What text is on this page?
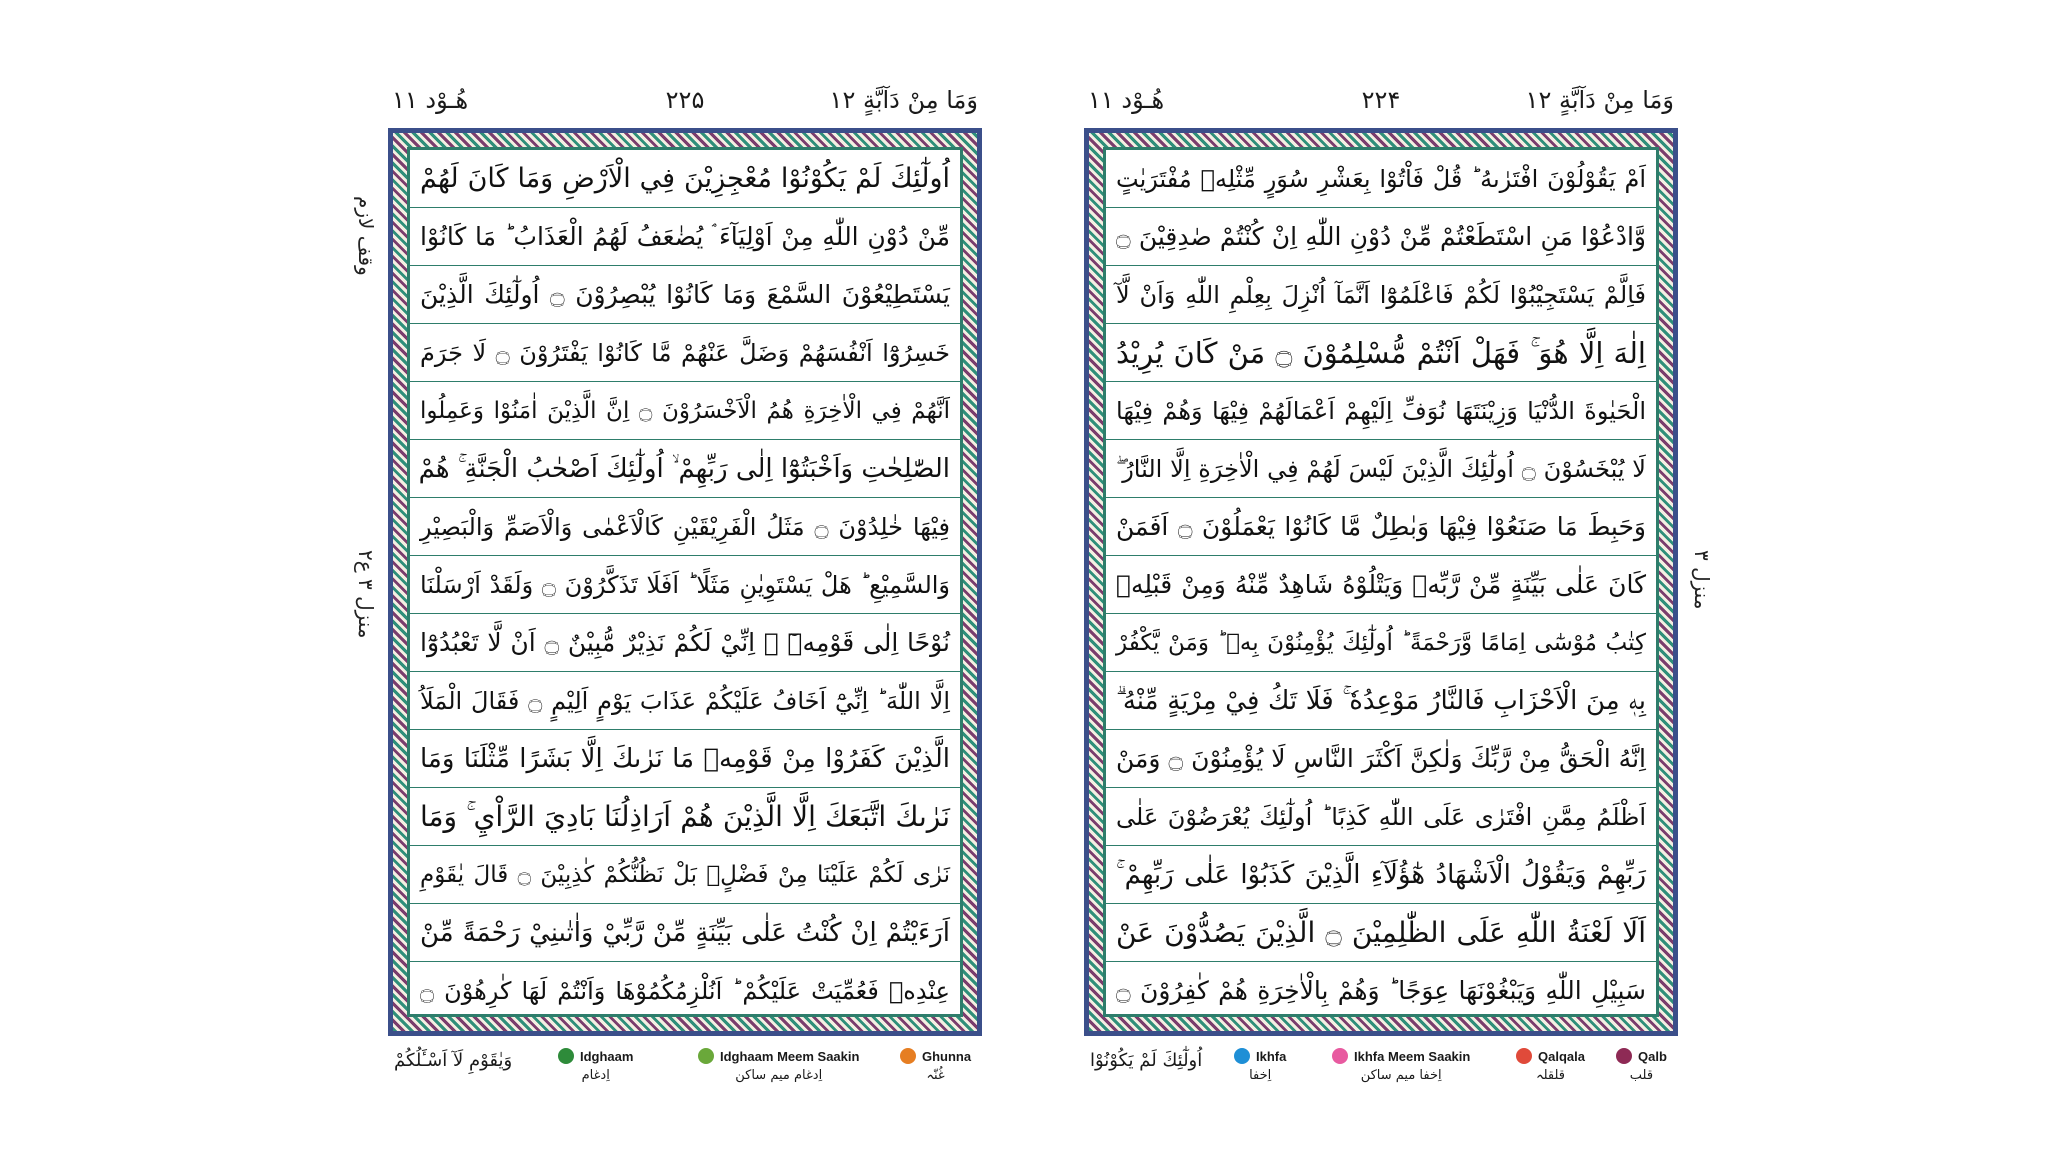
هُـوْد ۱۱	۲۲۵	وَمَا مِنْ دَآبَّةٍ ۱۲
اُولٰٓئِكَ لَمْ يَكُوْنُوْا مُعْجِزِيْنَ فِي الْاَرْضِ وَمَا كَانَ لَهُمْ
مِّنْ دُوْنِ اللّٰهِ مِنْ اَوْلِيَآءَ ۘ يُضٰعَفُ لَهُمُ الْعَذَابُ ؕ مَا كَانُوْا
يَسْتَطِيْعُوْنَ السَّمْعَ وَمَا كَانُوْا يُبْصِرُوْنَ ۝ اُولٰٓئِكَ الَّذِيْنَ
خَسِرُوْٓا اَنْفُسَهُمْ وَضَلَّ عَنْهُمْ مَّا كَانُوْا يَفْتَرُوْنَ ۝ لَا جَرَمَ
اَنَّهُمْ فِي الْاٰخِرَةِ هُمُ الْاَخْسَرُوْنَ ۝ اِنَّ الَّذِيْنَ اٰمَنُوْا وَعَمِلُوا
الصّٰلِحٰتِ وَاَخْبَتُوْٓا اِلٰى رَبِّهِمْ ۙ اُولٰٓئِكَ اَصْحٰبُ الْجَنَّةِ ۚ هُمْ
فِيْهَا خٰلِدُوْنَ ۝ مَثَلُ الْفَرِيْقَيْنِ كَالْاَعْمٰى وَالْاَصَمِّ وَالْبَصِيْرِ
وَالسَّمِيْعِ ؕ هَلْ يَسْتَوِيٰنِ مَثَلًا ؕ اَفَلَا تَذَكَّرُوْنَ ۝ وَلَقَدْ اَرْسَلْنَا
نُوْحًا اِلٰى قَوْمِهٖٓ ۡ اِنِّيْ لَكُمْ نَذِيْرٌ مُّبِيْنٌ ۝ اَنْ لَّا تَعْبُدُوْٓا
اِلَّا اللّٰهَ ؕ اِنِّيْٓ اَخَافُ عَلَيْكُمْ عَذَابَ يَوْمٍ اَلِيْمٍ ۝ فَقَالَ الْمَلَاُ
الَّذِيْنَ كَفَرُوْا مِنْ قَوْمِهٖ مَا نَرٰىكَ اِلَّا بَشَرًا مِّثْلَنَا وَمَا
نَرٰىكَ اتَّبَعَكَ اِلَّا الَّذِيْنَ هُمْ اَرَاذِلُنَا بَادِيَ الرَّاْيِ ۚ وَمَا
نَرٰى لَكُمْ عَلَيْنَا مِنْ فَضْلٍۭ بَلْ نَظُنُّكُمْ كٰذِبِيْنَ ۝ قَالَ يٰقَوْمِ
اَرَءَيْتُمْ اِنْ كُنْتُ عَلٰى بَيِّنَةٍ مِّنْ رَّبِّيْ وَاٰتٰىنِيْ رَحْمَةً مِّنْ
عِنْدِهٖ فَعُمِّيَتْ عَلَيْكُمْ ؕ اَنُلْزِمُكُمُوْهَا وَاَنْتُمْ لَهَا كٰرِهُوْنَ ۝
وقف لازم
منزل ۳ ع۲
وَيٰقَوْمِ لَآ اَسْـَٔلُكُمْ	Idghaam
اِدغام
Idghaam Meem Saakin
اِدغام میم ساکن
Ghunna
غُنّہ
هُـوْد ۱۱	۲۲۴	وَمَا مِنْ دَآبَّةٍ ۱۲
اَمْ يَقُوْلُوْنَ افْتَرٰىهُ ؕ قُلْ فَاْتُوْا بِعَشْرِ سُوَرٍ مِّثْلِهٖ مُفْتَرَيٰتٍ
وَّادْعُوْا مَنِ اسْتَطَعْتُمْ مِّنْ دُوْنِ اللّٰهِ اِنْ كُنْتُمْ صٰدِقِيْنَ ۝
فَاِلَّمْ يَسْتَجِيْبُوْا لَكُمْ فَاعْلَمُوْٓا اَنَّمَآ اُنْزِلَ بِعِلْمِ اللّٰهِ وَاَنْ لَّآ
اِلٰهَ اِلَّا هُوَ ۚ فَهَلْ اَنْتُمْ مُّسْلِمُوْنَ ۝ مَنْ كَانَ يُرِيْدُ
الْحَيٰوةَ الدُّنْيَا وَزِيْنَتَهَا نُوَفِّ اِلَيْهِمْ اَعْمَالَهُمْ فِيْهَا وَهُمْ فِيْهَا
لَا يُبْخَسُوْنَ ۝ اُولٰٓئِكَ الَّذِيْنَ لَيْسَ لَهُمْ فِي الْاٰخِرَةِ اِلَّا النَّارُ ۖ
وَحَبِطَ مَا صَنَعُوْا فِيْهَا وَبٰطِلٌ مَّا كَانُوْا يَعْمَلُوْنَ ۝ اَفَمَنْ
كَانَ عَلٰى بَيِّنَةٍ مِّنْ رَّبِّهٖ وَيَتْلُوْهُ شَاهِدٌ مِّنْهُ وَمِنْ قَبْلِهٖ
كِتٰبُ مُوْسٰٓى اِمَامًا وَّرَحْمَةً ؕ اُولٰٓئِكَ يُؤْمِنُوْنَ بِهٖ ؕ وَمَنْ يَّكْفُرْ
بِهٖ مِنَ الْاَحْزَابِ فَالنَّارُ مَوْعِدُهٗ ۚ فَلَا تَكُ فِيْ مِرْيَةٍ مِّنْهُ ۗ
اِنَّهُ الْحَقُّ مِنْ رَّبِّكَ وَلٰكِنَّ اَكْثَرَ النَّاسِ لَا يُؤْمِنُوْنَ ۝ وَمَنْ
اَظْلَمُ مِمَّنِ افْتَرٰى عَلَى اللّٰهِ كَذِبًا ؕ اُولٰٓئِكَ يُعْرَضُوْنَ عَلٰى
رَبِّهِمْ وَيَقُوْلُ الْاَشْهَادُ هٰٓؤُلَآءِ الَّذِيْنَ كَذَبُوْا عَلٰى رَبِّهِمْ ۚ
اَلَا لَعْنَةُ اللّٰهِ عَلَى الظّٰلِمِيْنَ ۝ الَّذِيْنَ يَصُدُّوْنَ عَنْ
سَبِيْلِ اللّٰهِ وَيَبْغُوْنَهَا عِوَجًا ؕ وَهُمْ بِالْاٰخِرَةِ هُمْ كٰفِرُوْنَ ۝
منزل ۳
اُولٰٓئِكَ لَمْ يَكُوْنُوْا	Ikhfa
اِخفا
Ikhfa Meem Saakin
اِخفا میم ساکن
Qalqala
قلقلہ
Qalb
قلب
